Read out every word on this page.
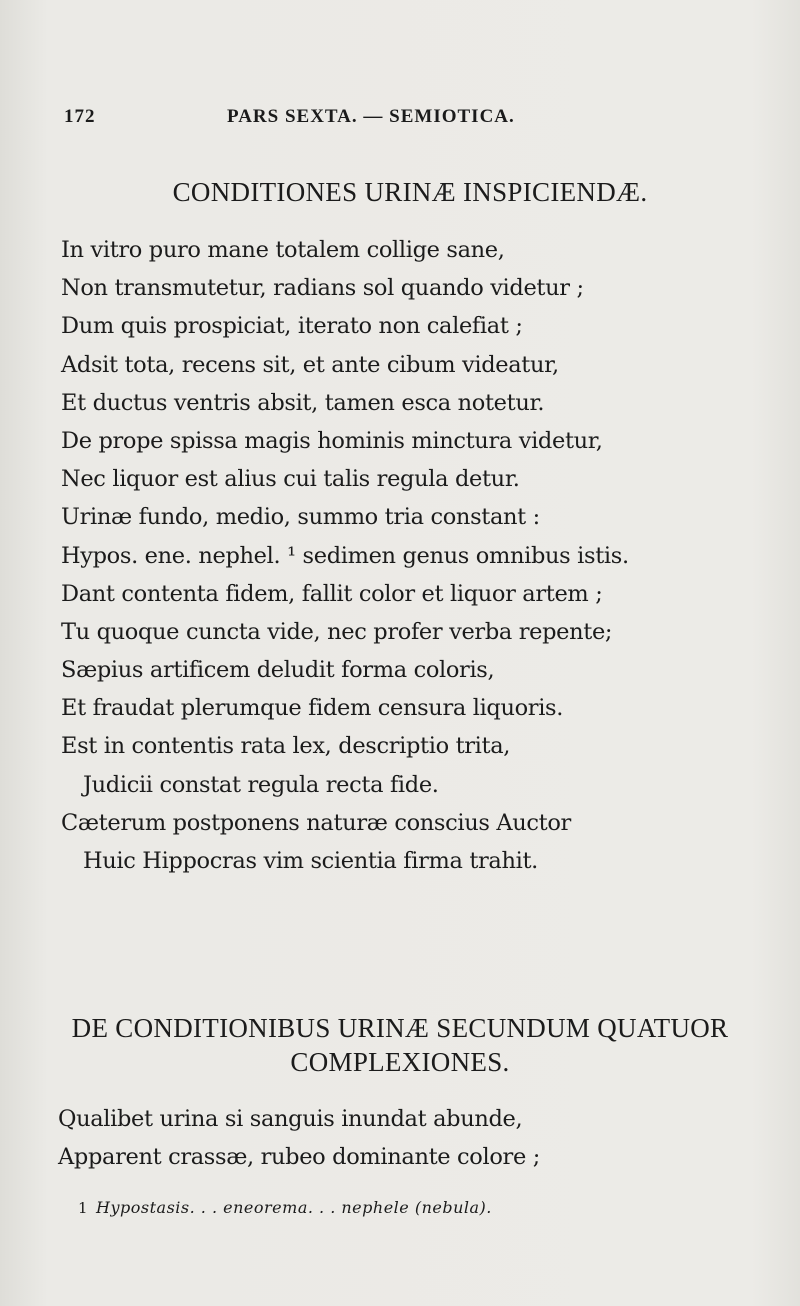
172	PARS SEXTA. — SEMIOTICA.
CONDITIONES URINÆ INSPICIENDÆ.
In vitro puro mane totalem collige sane,
Non transmutetur, radians sol quando videtur ;
Dum quis prospiciat, iterato non calefiat ;
Adsit tota, recens sit, et ante cibum videatur,
Et ductus ventris absit, tamen esca notetur.
De prope spissa magis hominis minctura videtur,
Nec liquor est alius cui talis regula detur.
Urinæ fundo, medio, summo tria constant :
Hypos. ene. nephel. ¹ sedimen genus omnibus istis.
Dant contenta fidem, fallit color et liquor artem ;
Tu quoque cuncta vide, nec profer verba repente;
Sæpius artificem deludit forma coloris,
Et fraudat plerumque fidem censura liquoris.
Est in contentis rata lex, descriptio trita,
Judicii constat regula recta fide.
Cæterum postponens naturæ conscius Auctor
Huic Hippocras vim scientia firma trahit.
DE CONDITIONIBUS URINÆ SECUNDUM QUATUOR
COMPLEXIONES.
Qualibet urina si sanguis inundat abunde,
Apparent crassæ, rubeo dominante colore ;
1 Hypostasis. . . eneorema. . . nephele (nebula).
